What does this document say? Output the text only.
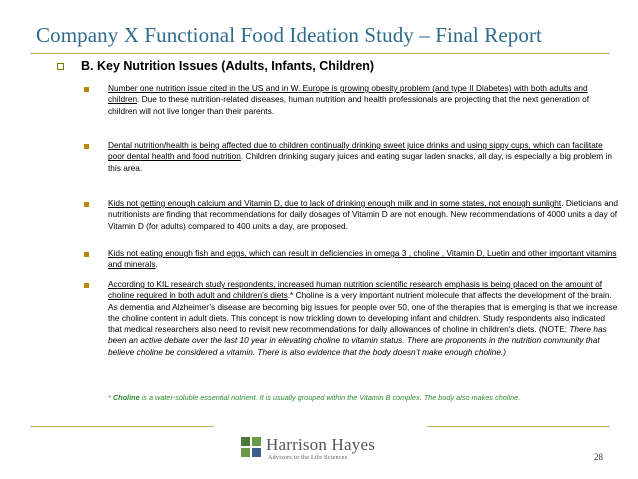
Company X Functional Food Ideation Study – Final Report
B. Key Nutrition Issues (Adults, Infants, Children)
Number one nutrition issue cited in the US and in W. Europe is growing obesity problem (and type II Diabetes) with both adults and children. Due to these nutrition-related diseases, human nutrition and health professionals are projecting that the next generation of children will not live longer than their parents.
Dental nutrition/health is being affected due to children continually drinking sweet juice drinks and using sippy cups, which can facilitate poor dental health and food nutrition. Children drinking sugary juices and eating sugar laden snacks, all day, is especially a big problem in this area.
Kids not getting enough calcium and Vitamin D, due to lack of drinking enough milk and in some states, not enough sunlight. Dieticians and nutritionists are finding that recommendations for daily dosages of Vitamin D are not enough. New recommendations of 4000 units a day of Vitamin D (for adults) compared to 400 units a day, are proposed.
Kids not eating enough fish and eggs, which can result in deficiencies in omega 3 , choline , Vitamin D, Luetin and other important vitamins and minerals.
According to KIL research study respondents, increased human nutrition scientific research emphasis is being placed on the amount of choline required in both adult and children’s diets.* Choline is a very important nutrient molecule that affects the development of the brain. As dementia and Alzheimer’s disease are becoming big issues for people over 50, one of the therapies that is emerging is that we increase the choline content in adult diets. This concept is now trickling down to developing infant and children. Study respondents also indicated that medical researchers also need to revisit new recommendations for daily allowances of choline in children's diets. (NOTE: There has been an active debate over the last 10 year in elevating choline to vitamin status. There are proponents in the nutrition community that believe choline be considered a vitamin. There is also evidence that the body doesn’t make enough choline.)
* Choline is a water-soluble essential nutrient. It is usually grouped within the Vitamin B complex. The body also makes choline.
Harrison Hayes
Advisors to the Life Sciences	28
